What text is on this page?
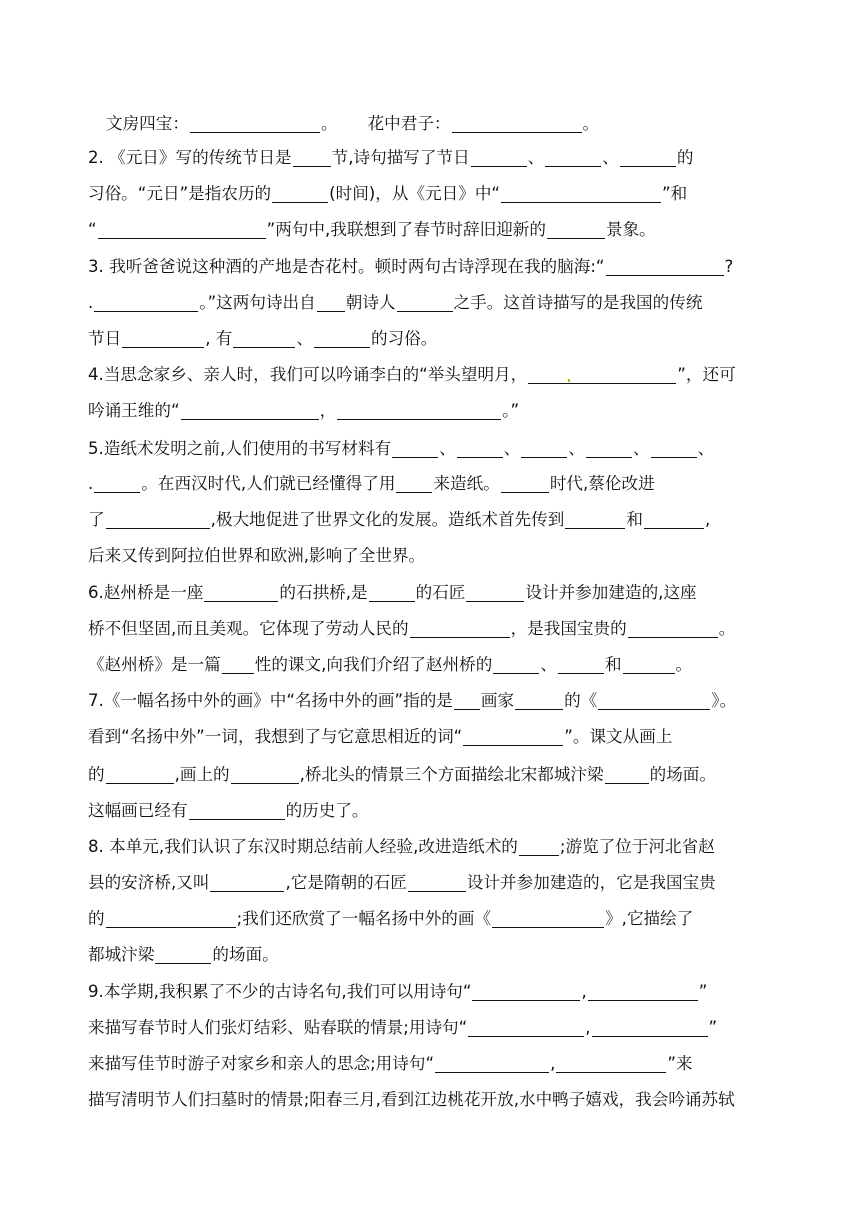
文房四宝：	。 花中君子：	。
2. 《元日》写的传统节日是 节,诗句描写了节日	、	、	的
习俗。“元日”是指农历的	(时间)，从《元日》中“	”和
“	”两句中,我联想到了春节时辞旧迎新的	景象。
3. 我听爸爸说这种酒的产地是杏花村。顿时两句古诗浮现在我的脑海:“	?
.	。”这两句诗出自 朝诗人	之手。这首诗描写的是我国的传统
节日	, 有	、	的习俗。
4.当思念家乡、亲人时，我们可以吟诵李白的“举头望明月，	”，还可
吟诵王维的“	，	。”
5.造纸术发明之前,人们使用的书写材料有	、	、	、	、	、
.	。在西汉时代,人们就已经懂得了用 来造纸。	时代,蔡伦改进
了	,极大地促进了世界文化的发展。造纸术首先传到	和	,
后来又传到阿拉伯世界和欧洲,影响了全世界。
6.赵州桥是一座	的石拱桥,是	的石匠	设计并参加建造的,这座
桥不但坚固,而且美观。它体现了劳动人民的	，是我国宝贵的	。
《赵州桥》是一篇 性的课文,向我们介绍了赵州桥的	、	和	。
7.《一幅名扬中外的画》中“名扬中外的画”指的是 画家	的《	》。
看到“名扬中外”一词，我想到了与它意思相近的词“	”。课文从画上
的	,画上的	,桥北头的情景三个方面描绘北宋都城汴梁	的场面。
这幅画已经有	的历史了。
8. 本单元,我们认识了东汉时期总结前人经验,改进造纸术的	;游览了位于河北省赵
县的安济桥,又叫	,它是隋朝的石匠	设计并参加建造的，它是我国宝贵
的	;我们还欣赏了一幅名扬中外的画《	》,它描绘了
都城汴梁	的场面。
9.本学期,我积累了不少的古诗名句,我们可以用诗句“	,	”
来描写春节时人们张灯结彩、贴春联的情景;用诗句“	,	”
来描写佳节时游子对家乡和亲人的思念;用诗句“	,	”来
描写清明节人们扫墓时的情景;阳春三月,看到江边桃花开放,水中鸭子嬉戏，我会吟诵苏轼
